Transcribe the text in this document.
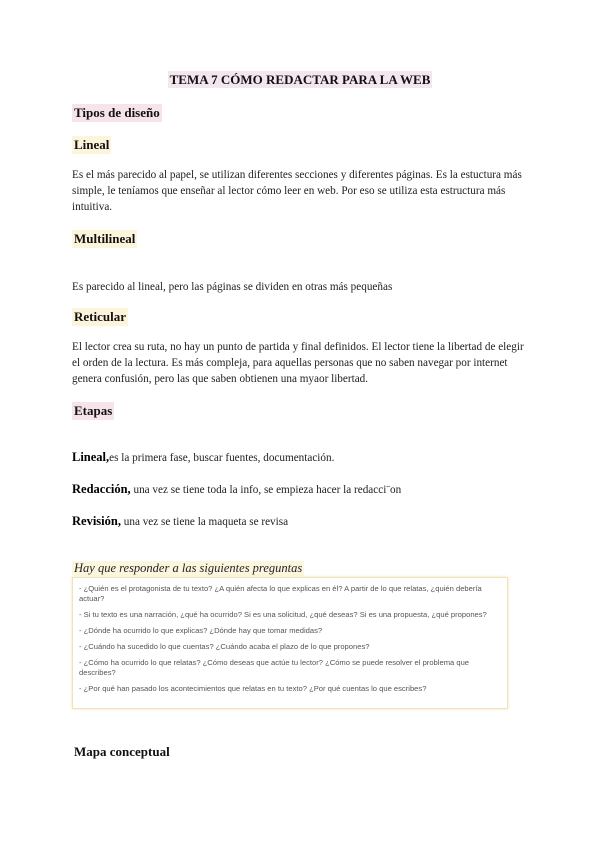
TEMA 7 CÓMO REDACTAR PARA LA WEB
Tipos de diseño
Lineal
Es el más parecido al papel, se utilizan diferentes secciones y diferentes páginas. Es la estuctura más simple, le teníamos que enseñar al lector cómo leer en web. Por eso se utiliza esta estructura más intuitiva.
Multilineal
Es parecido al lineal, pero las páginas se dividen en otras más pequeñas
Reticular
El lector crea su ruta, no hay un punto de partida y final definidos. El lector tiene la libertad de elegir el orden de la lectura. Es más compleja, para aquellas personas que no saben navegar por internet genera confusión, pero las que saben obtienen una myaor libertad.
Etapas
Lineal,es la primera fase, buscar fuentes, documentación.
Redacción, una vez se tiene toda la info, se empieza hacer la redacci¨on
Revisión, una vez se tiene la maqueta se revisa
Hay que responder a las siguientes preguntas
- ¿Quién es el protagonista de tu texto? ¿A quién afecta lo que explicas en él? A partir de lo que relatas, ¿quién debería actuar?
- Si tu texto es una narración, ¿qué ha ocurrido? Si es una solicitud, ¿qué deseas? Si es una propuesta, ¿qué propones?
- ¿Dónde ha ocurrido lo que explicas? ¿Dónde hay que tomar medidas?
- ¿Cuándo ha sucedido lo que cuentas? ¿Cuándo acaba el plazo de lo que propones?
- ¿Cómo ha ocurrido lo que relatas? ¿Cómo deseas que actúe tu lector? ¿Cómo se puede resolver el problema que describes?
- ¿Por qué han pasado los acontecimientos que relatas en tu texto? ¿Por qué cuentas lo que escribes?
Mapa conceptual
